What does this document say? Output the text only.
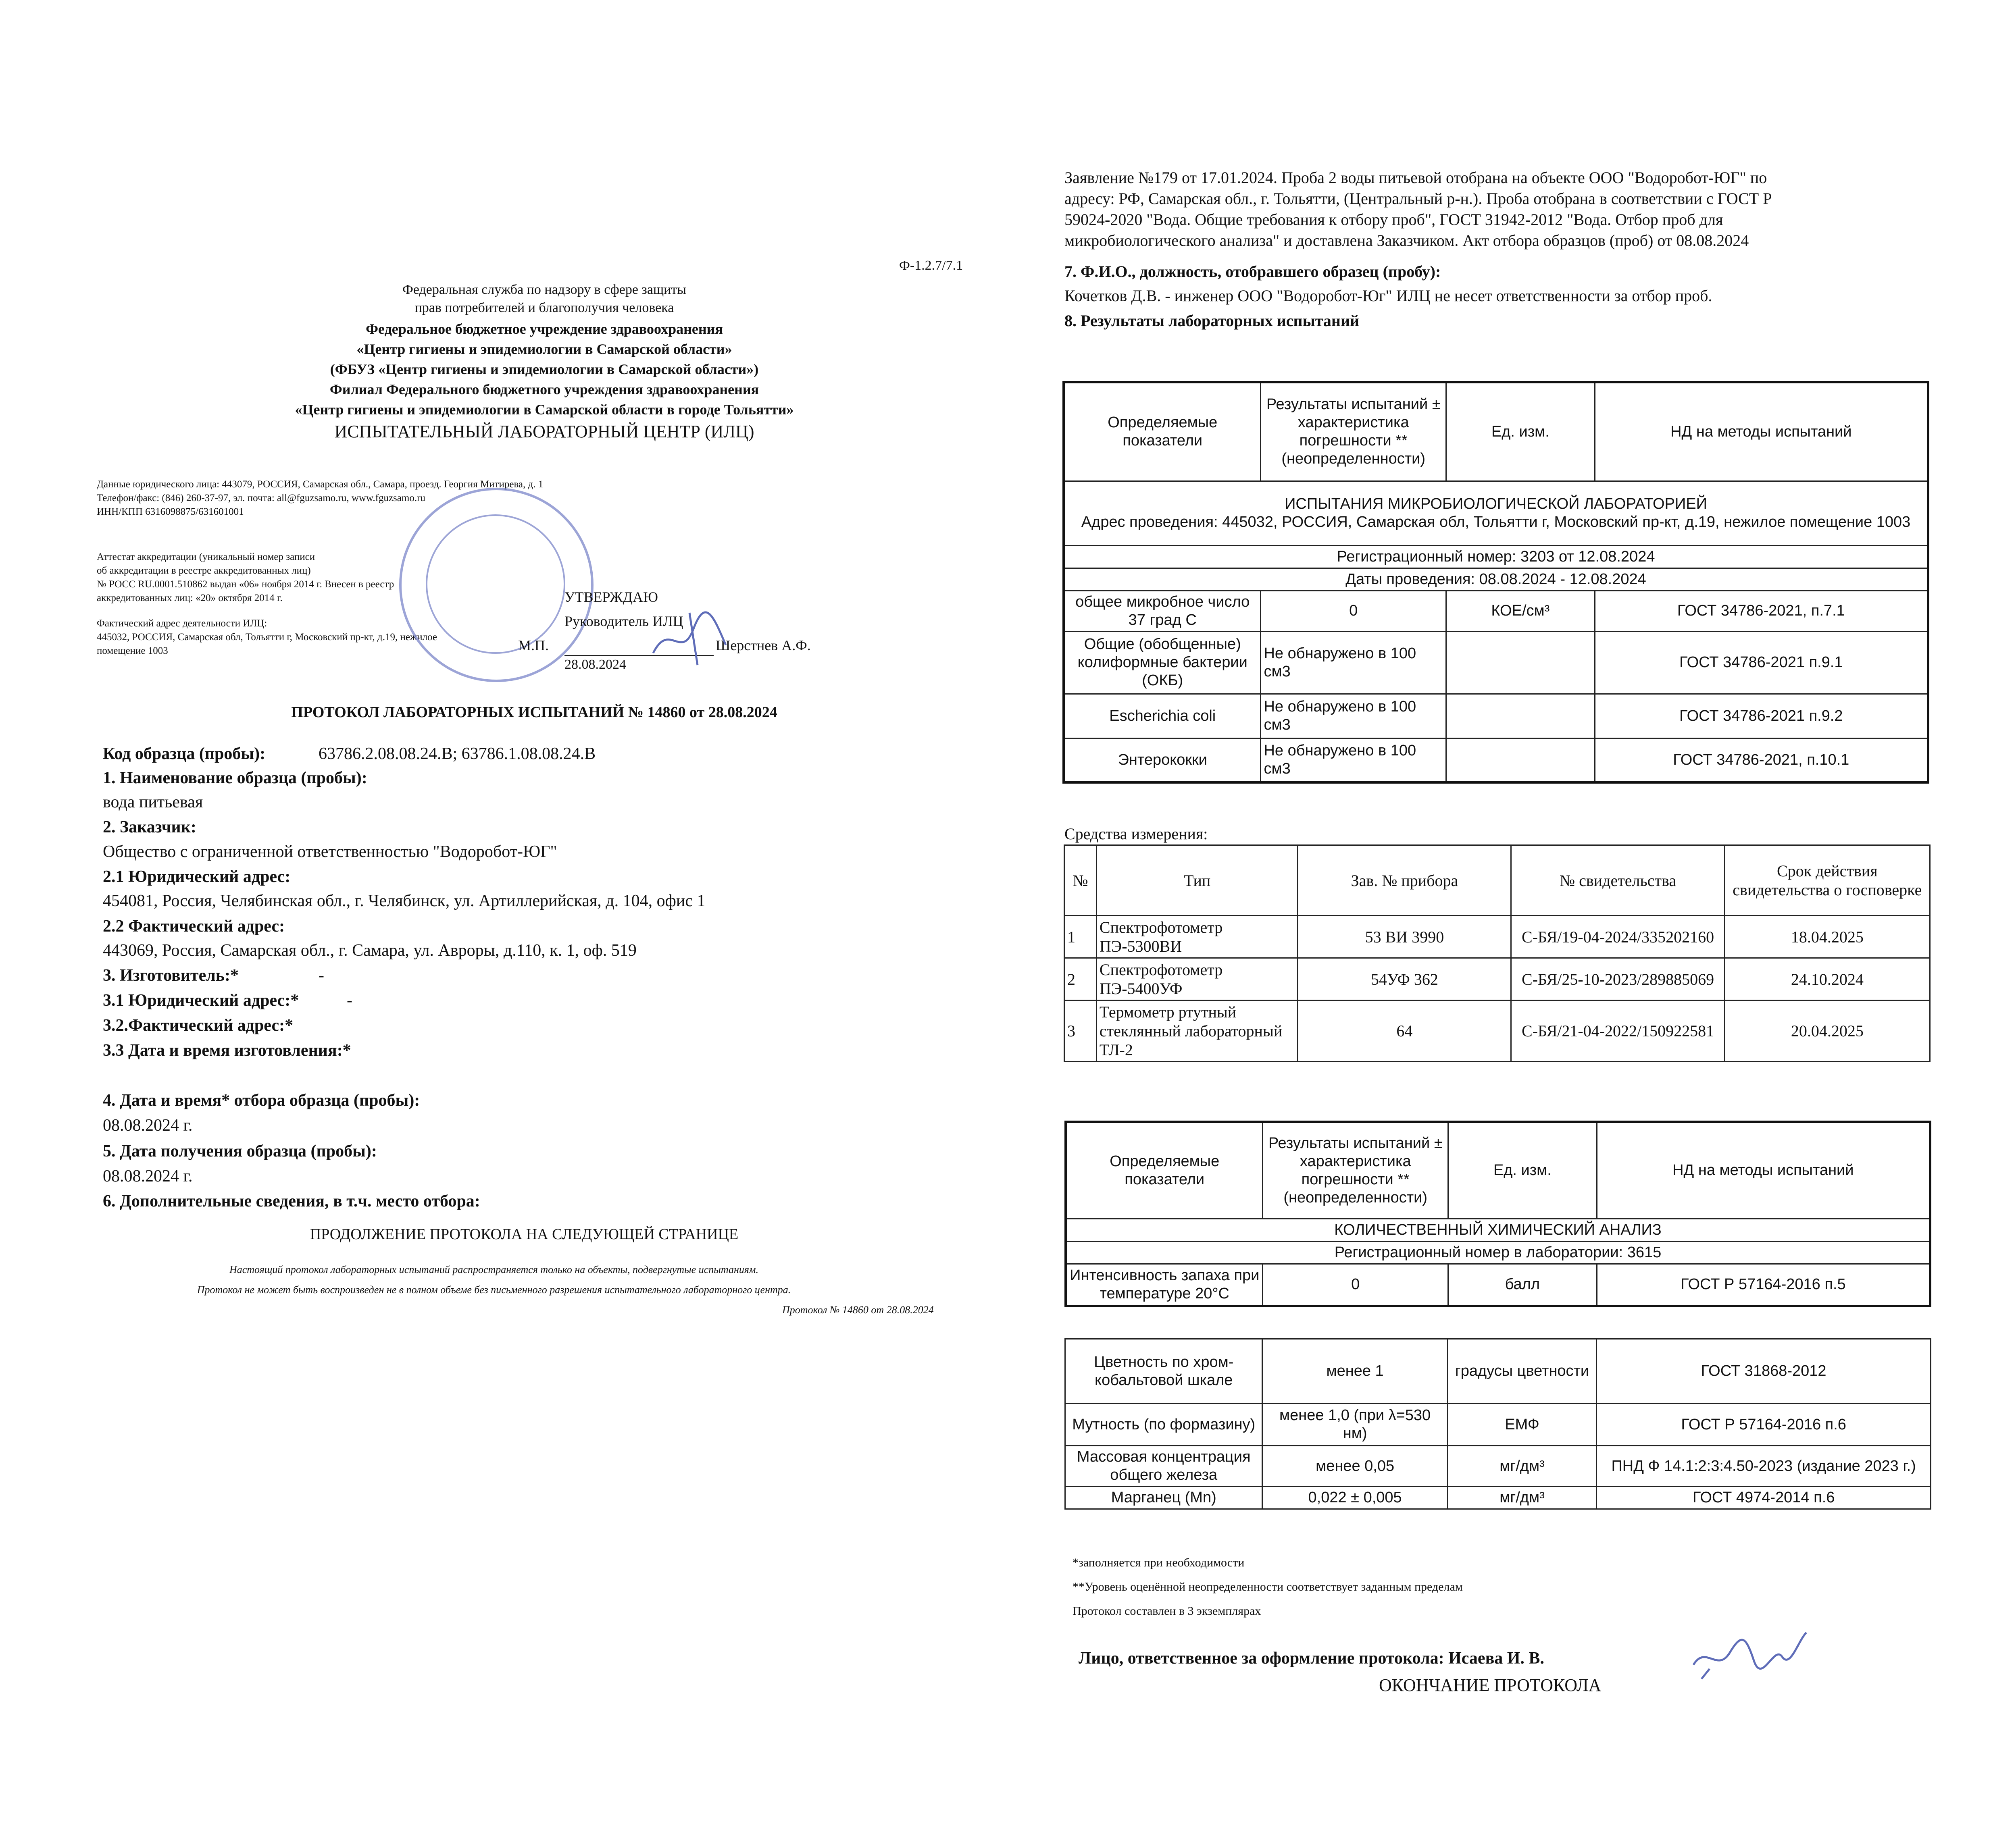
Ф-1.2.7/7.1
Федеральная служба по надзору в сфере защиты
прав потребителей и благополучия человека
Федеральное бюджетное учреждение здравоохранения
«Центр гигиены и эпидемиологии в Самарской области»
(ФБУЗ «Центр гигиены и эпидемиологии в Самарской области»)
Филиал Федерального бюджетного учреждения здравоохранения
«Центр гигиены и эпидемиологии в Самарской области в городе Тольятти»
ИСПЫТАТЕЛЬНЫЙ ЛАБОРАТОРНЫЙ ЦЕНТР (ИЛЦ)
Данные юридического лица: 443079, РОССИЯ, Самарская обл., Самара, проезд. Георгия Митирева, д. 1
Телефон/факс: (846) 260-37-97, эл. почта: all@fguzsamo.ru, www.fguzsamo.ru
ИНН/КПП 6316098875/631601001
Аттестат аккредитации (уникальный номер записи
об аккредитации в реестре аккредитованных лиц)
№ РОСС RU.0001.510862 выдан «06» ноября 2014 г. Внесен в реестр
аккредитованных лиц: «20» октября 2014 г.
Фактический адрес деятельности ИЛЦ:
445032, РОССИЯ, Самарская обл, Тольятти г, Московский пр-кт, д.19, нежилое
помещение 1003
УТВЕРЖДАЮ
Руководитель ИЛЦ
М.П.	Шерстнев А.Ф.
28.08.2024
ПРОТОКОЛ ЛАБОРАТОРНЫХ ИСПЫТАНИЙ № 14860 от 28.08.2024
Код образца (пробы):	63786.2.08.08.24.В; 63786.1.08.08.24.В
1. Наименование образца (пробы):
вода питьевая
2. Заказчик:
Общество с ограниченной ответственностью "Водоробот-ЮГ"
2.1 Юридический адрес:
454081, Россия, Челябинская обл., г. Челябинск, ул. Артиллерийская, д. 104, офис 1
2.2 Фактический адрес:
443069, Россия, Самарская обл., г. Самара, ул. Авроры, д.110, к. 1, оф. 519
3. Изготовитель:*	-
3.1 Юридический адрес:*	-
3.2.Фактический адрес:*
3.3 Дата и время изготовления:*
4. Дата и время* отбора образца (пробы):
08.08.2024 г.
5. Дата получения образца (пробы):
08.08.2024 г.
6. Дополнительные сведения, в т.ч. место отбора:
ПРОДОЛЖЕНИЕ ПРОТОКОЛА НА СЛЕДУЮЩЕЙ СТРАНИЦЕ
Настоящий протокол лабораторных испытаний распространяется только на объекты, подвергнутые испытаниям.
Протокол не может быть воспроизведен не в полном объеме без письменного разрешения испытательного лабораторного центра.
Протокол № 14860 от 28.08.2024
Заявление №179 от 17.01.2024. Проба 2 воды питьевой отобрана на объекте ООО "Водоробот-ЮГ" по
адресу: РФ, Самарская обл., г. Тольятти, (Центральный р-н.). Проба отобрана в соответствии с ГОСТ Р
59024-2020 "Вода. Общие требования к отбору проб", ГОСТ 31942-2012 "Вода. Отбор проб для
микробиологического анализа" и доставлена Заказчиком. Акт отбора образцов (проб) от 08.08.2024
7. Ф.И.О., должность, отобравшего образец (пробу):
Кочетков Д.В. - инженер ООО "Водоробот-Юг" ИЛЦ не несет ответственности за отбор проб.
8. Результаты лабораторных испытаний
Определяемые показатели	Результаты испытаний ± характеристика погрешности **(неопределенности)	Ед. изм.	НД на методы испытаний

ИСПЫТАНИЯ МИКРОБИОЛОГИЧЕСКОЙ ЛАБОРАТОРИЕЙ
Адрес проведения: 445032, РОССИЯ, Самарская обл, Тольятти г, Московский пр-кт, д.19, нежилое помещение 1003			

Регистрационный номер: 3203 от 12.08.2024			
Даты проведения: 08.08.2024 - 12.08.2024			
общее микробное число 37 град С	0	КОЕ/см³	ГОСТ 34786-2021, п.7.1
Общие (обобщенные) колиформные бактерии (ОКБ)	Не обнаружено в 100 см3		ГОСТ 34786-2021 п.9.1
Escherichia coli	Не обнаружено в 100 см3		ГОСТ 34786-2021 п.9.2
Энтерококки	Не обнаружено в 100 см3		ГОСТ 34786-2021, п.10.1
Средства измерения:
№	Тип	Зав. № прибора	№ свидетельства	Срок действия свидетельства о госповерке
1	Спектрофотометр ПЭ-5300ВИ	53 ВИ 3990	С-БЯ/19-04-2024/335202160	18.04.2025
2	Спектрофотометр ПЭ-5400УФ	54УФ 362	С-БЯ/25-10-2023/289885069	24.10.2024
3	Термометр ртутный стеклянный лабораторный ТЛ-2	64	С-БЯ/21-04-2022/150922581	20.04.2025
Определяемые показатели	Результаты испытаний ± характеристика погрешности **(неопределенности)	Ед. изм.	НД на методы испытаний
КОЛИЧЕСТВЕННЫЙ ХИМИЧЕСКИЙ АНАЛИЗ			
Регистрационный номер в лаборатории: 3615			
Интенсивность запаха при температуре 20°С	0	балл	ГОСТ Р 57164-2016 п.5
Цветность по хром-кобальтовой шкале	менее 1	градусы цветности	ГОСТ 31868-2012
Мутность (по формазину)	менее 1,0 (при λ=530 нм)	ЕМФ	ГОСТ Р 57164-2016 п.6
Массовая концентрация общего железа	менее 0,05	мг/дм³	ПНД Ф 14.1:2:3:4.50-2023 (издание 2023 г.)
Марганец (Mn)	0,022 ± 0,005	мг/дм³	ГОСТ 4974-2014 п.6
*заполняется при необходимости
**Уровень оценённой неопределенности соответствует заданным пределам
Протокол составлен в 3 экземплярах
Лицо, ответственное за оформление протокола: Исаева И. В.
ОКОНЧАНИЕ ПРОТОКОЛА
